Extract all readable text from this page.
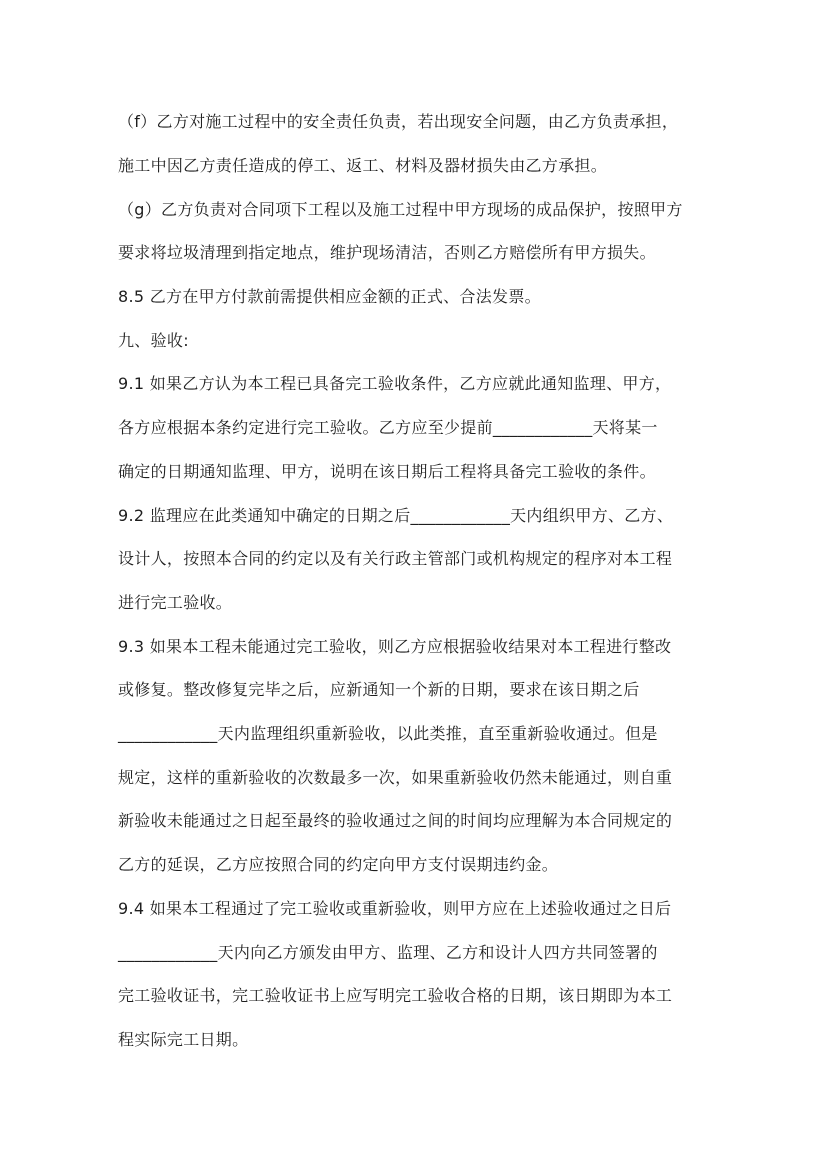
（f）乙方对施工过程中的安全责任负责，若出现安全问题，由乙方负责承担，
施工中因乙方责任造成的停工、返工、材料及器材损失由乙方承担。
（g）乙方负责对合同项下工程以及施工过程中甲方现场的成品保护，按照甲方
要求将垃圾清理到指定地点，维护现场清洁，否则乙方赔偿所有甲方损失。
8.5 乙方在甲方付款前需提供相应金额的正式、合法发票。
九、验收:
9.1 如果乙方认为本工程已具备完工验收条件，乙方应就此通知监理、甲方，
各方应根据本条约定进行完工验收。乙方应至少提前____________天将某一
确定的日期通知监理、甲方，说明在该日期后工程将具备完工验收的条件。
9.2 监理应在此类通知中确定的日期之后____________天内组织甲方、乙方、
设计人，按照本合同的约定以及有关行政主管部门或机构规定的程序对本工程
进行完工验收。
9.3 如果本工程未能通过完工验收，则乙方应根据验收结果对本工程进行整改
或修复。整改修复完毕之后，应新通知一个新的日期，要求在该日期之后
____________天内监理组织重新验收，以此类推，直至重新验收通过。但是
规定，这样的重新验收的次数最多一次，如果重新验收仍然未能通过，则自重
新验收未能通过之日起至最终的验收通过之间的时间均应理解为本合同规定的
乙方的延误，乙方应按照合同的约定向甲方支付误期违约金。
9.4 如果本工程通过了完工验收或重新验收，则甲方应在上述验收通过之日后
____________天内向乙方颁发由甲方、监理、乙方和设计人四方共同签署的
完工验收证书，完工验收证书上应写明完工验收合格的日期，该日期即为本工
程实际完工日期。
